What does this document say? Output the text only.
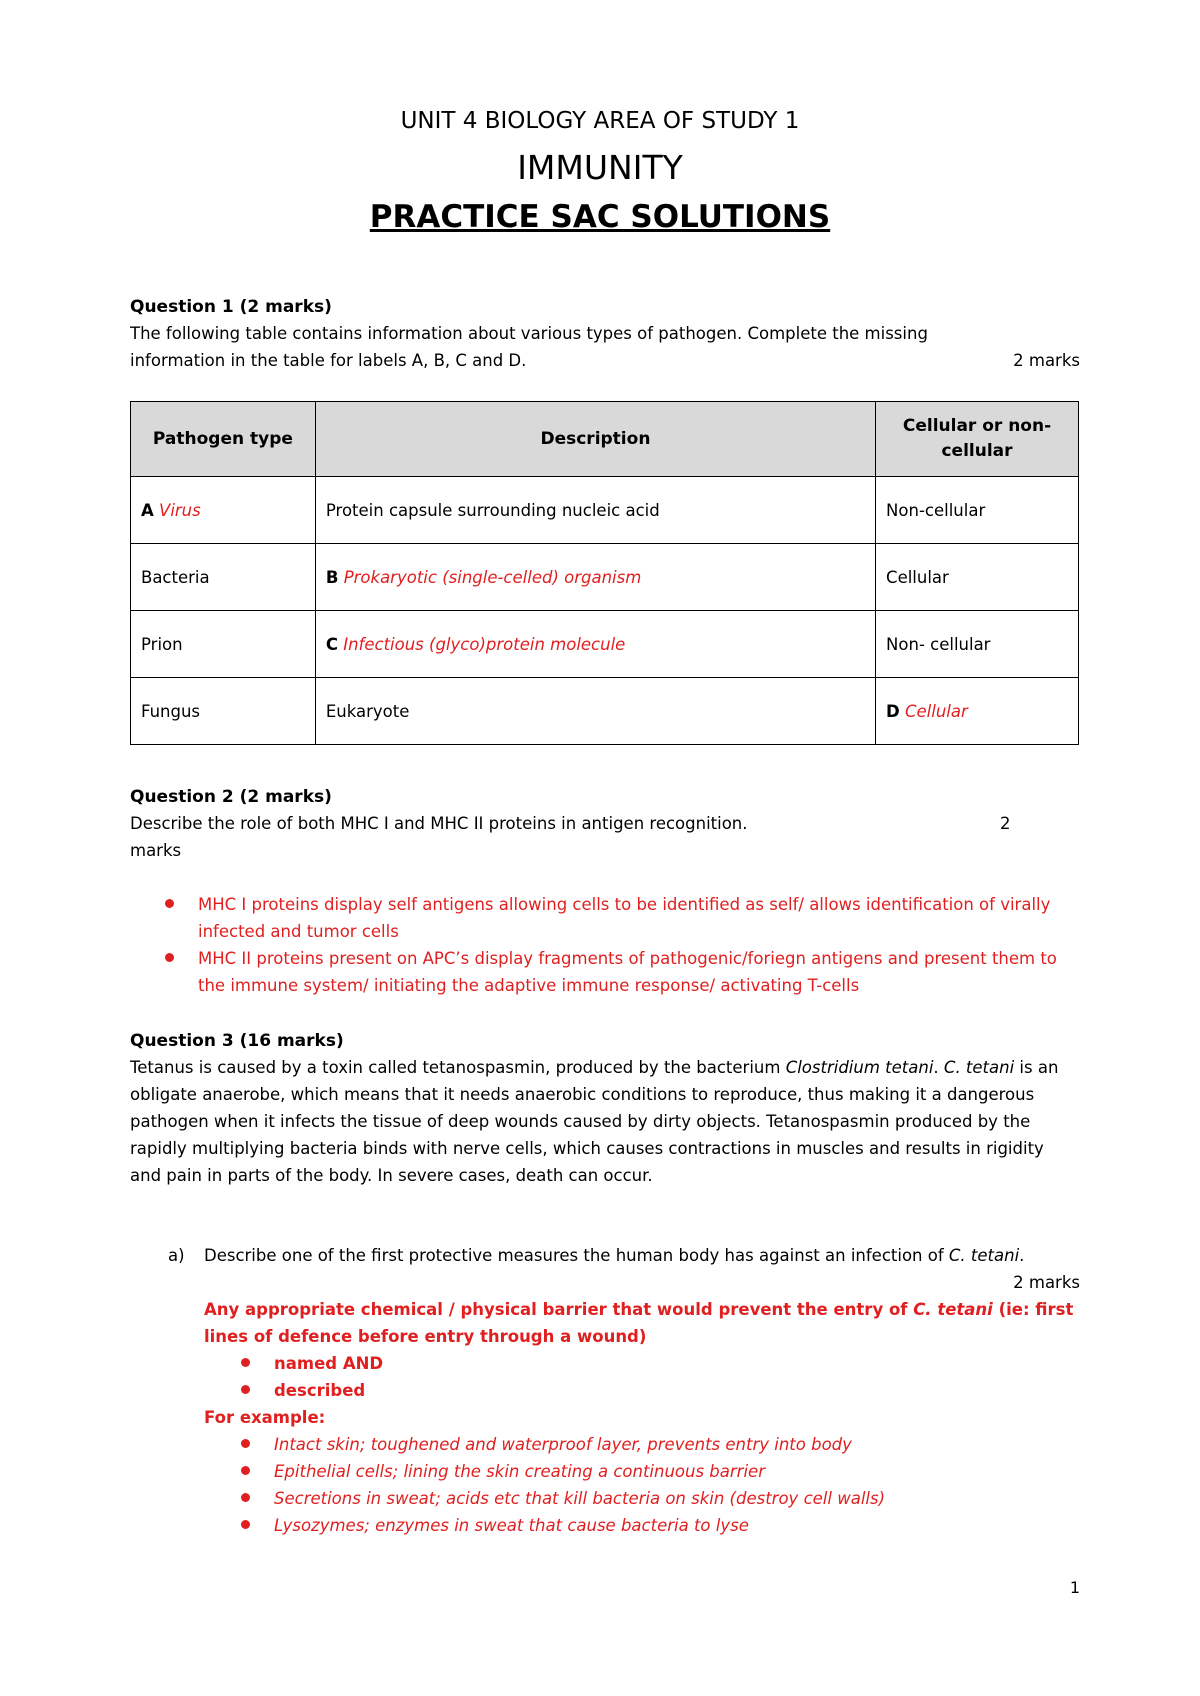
UNIT 4 BIOLOGY AREA OF STUDY 1
IMMUNITY
PRACTICE SAC SOLUTIONS
Question 1 (2 marks)
The following table contains information about various types of pathogen. Complete the missing
information in the table for labels A, B, C and D.	2 marks
Pathogen type	Description	Cellular or non-cellular

A Virus	Protein capsule surrounding nucleic acid	Non-cellular
Bacteria	B Prokaryotic (single-celled) organism	Cellular
Prion	C Infectious (glyco)protein molecule	Non- cellular
Fungus	Eukaryote	D Cellular
Question 2 (2 marks)
Describe the role of both MHC I and MHC II proteins in antigen recognition.	2
marks
MHC I proteins display self antigens allowing cells to be identified as self/ allows identification of virally infected and tumor cells
MHC II proteins present on APC’s display fragments of pathogenic/foriegn antigens and present them to the immune system/ initiating the adaptive immune response/ activating T-cells
Question 3 (16 marks)
Tetanus is caused by a toxin called tetanospasmin, produced by the bacterium Clostridium tetani. C. tetani is an obligate anaerobe, which means that it needs anaerobic conditions to reproduce, thus making it a dangerous pathogen when it infects the tissue of deep wounds caused by dirty objects. Tetanospasmin produced by the rapidly multiplying bacteria binds with nerve cells, which causes contractions in muscles and results in rigidity and pain in parts of the body. In severe cases, death can occur.
a) Describe one of the first protective measures the human body has against an infection of C. tetani.
2 marks
Any appropriate chemical / physical barrier that would prevent the entry of C. tetani (ie: first lines of defence before entry through a wound)
named AND
described
For example:
Intact skin; toughened and waterproof layer, prevents entry into body
Epithelial cells; lining the skin creating a continuous barrier
Secretions in sweat; acids etc that kill bacteria on skin (destroy cell walls)
Lysozymes; enzymes in sweat that cause bacteria to lyse
1
